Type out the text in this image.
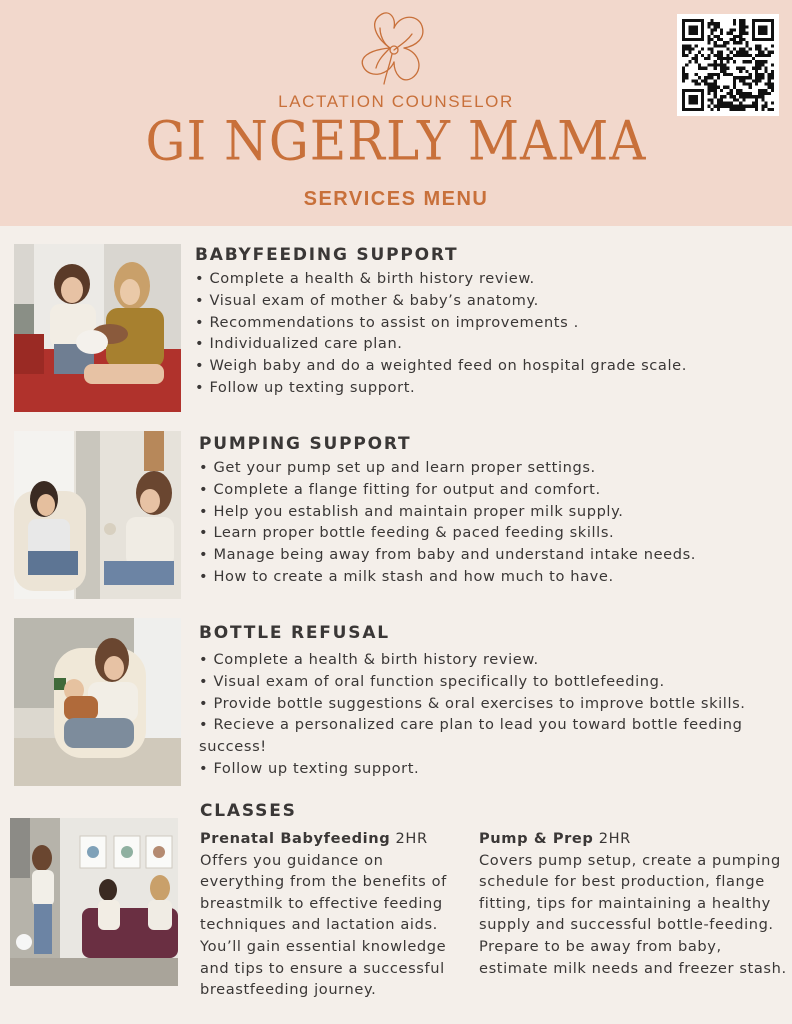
LACTATION COUNSELOR
GI NGERLY MAMA
SERVICES MENU
BABYFEEDING SUPPORT
• Complete a health & birth history review.
• Visual exam of mother & baby’s anatomy.
• Recommendations to assist on improvements .
• Individualized care plan.
• Weigh baby and do a weighted feed on hospital grade scale.
• Follow up texting support.
PUMPING SUPPORT
• Get your pump set up and learn proper settings.
• Complete a flange fitting for output and comfort.
• Help you establish and maintain proper milk supply.
• Learn proper bottle feeding & paced feeding skills.
• Manage being away from baby and understand intake needs.
• How to create a milk stash and how much to have.
BOTTLE REFUSAL
• Complete a health & birth history review.
• Visual exam of oral function specifically to bottlefeeding.
• Provide bottle suggestions & oral exercises to improve bottle skills.
• Recieve a personalized care plan to lead you toward bottle feeding success!
• Follow up texting support.
CLASSES
Prenatal Babyfeeding 2HR
Offers you guidance on everything from the benefits of breastmilk to effective feeding techniques and lactation aids. You’ll gain essential knowledge and tips to ensure a successful breastfeeding journey.
Pump & Prep 2HR
Covers pump setup, create a pumping schedule for best production, flange fitting, tips for maintaining a healthy supply and successful bottle-feeding. Prepare to be away from baby, estimate milk needs and freezer stash.
